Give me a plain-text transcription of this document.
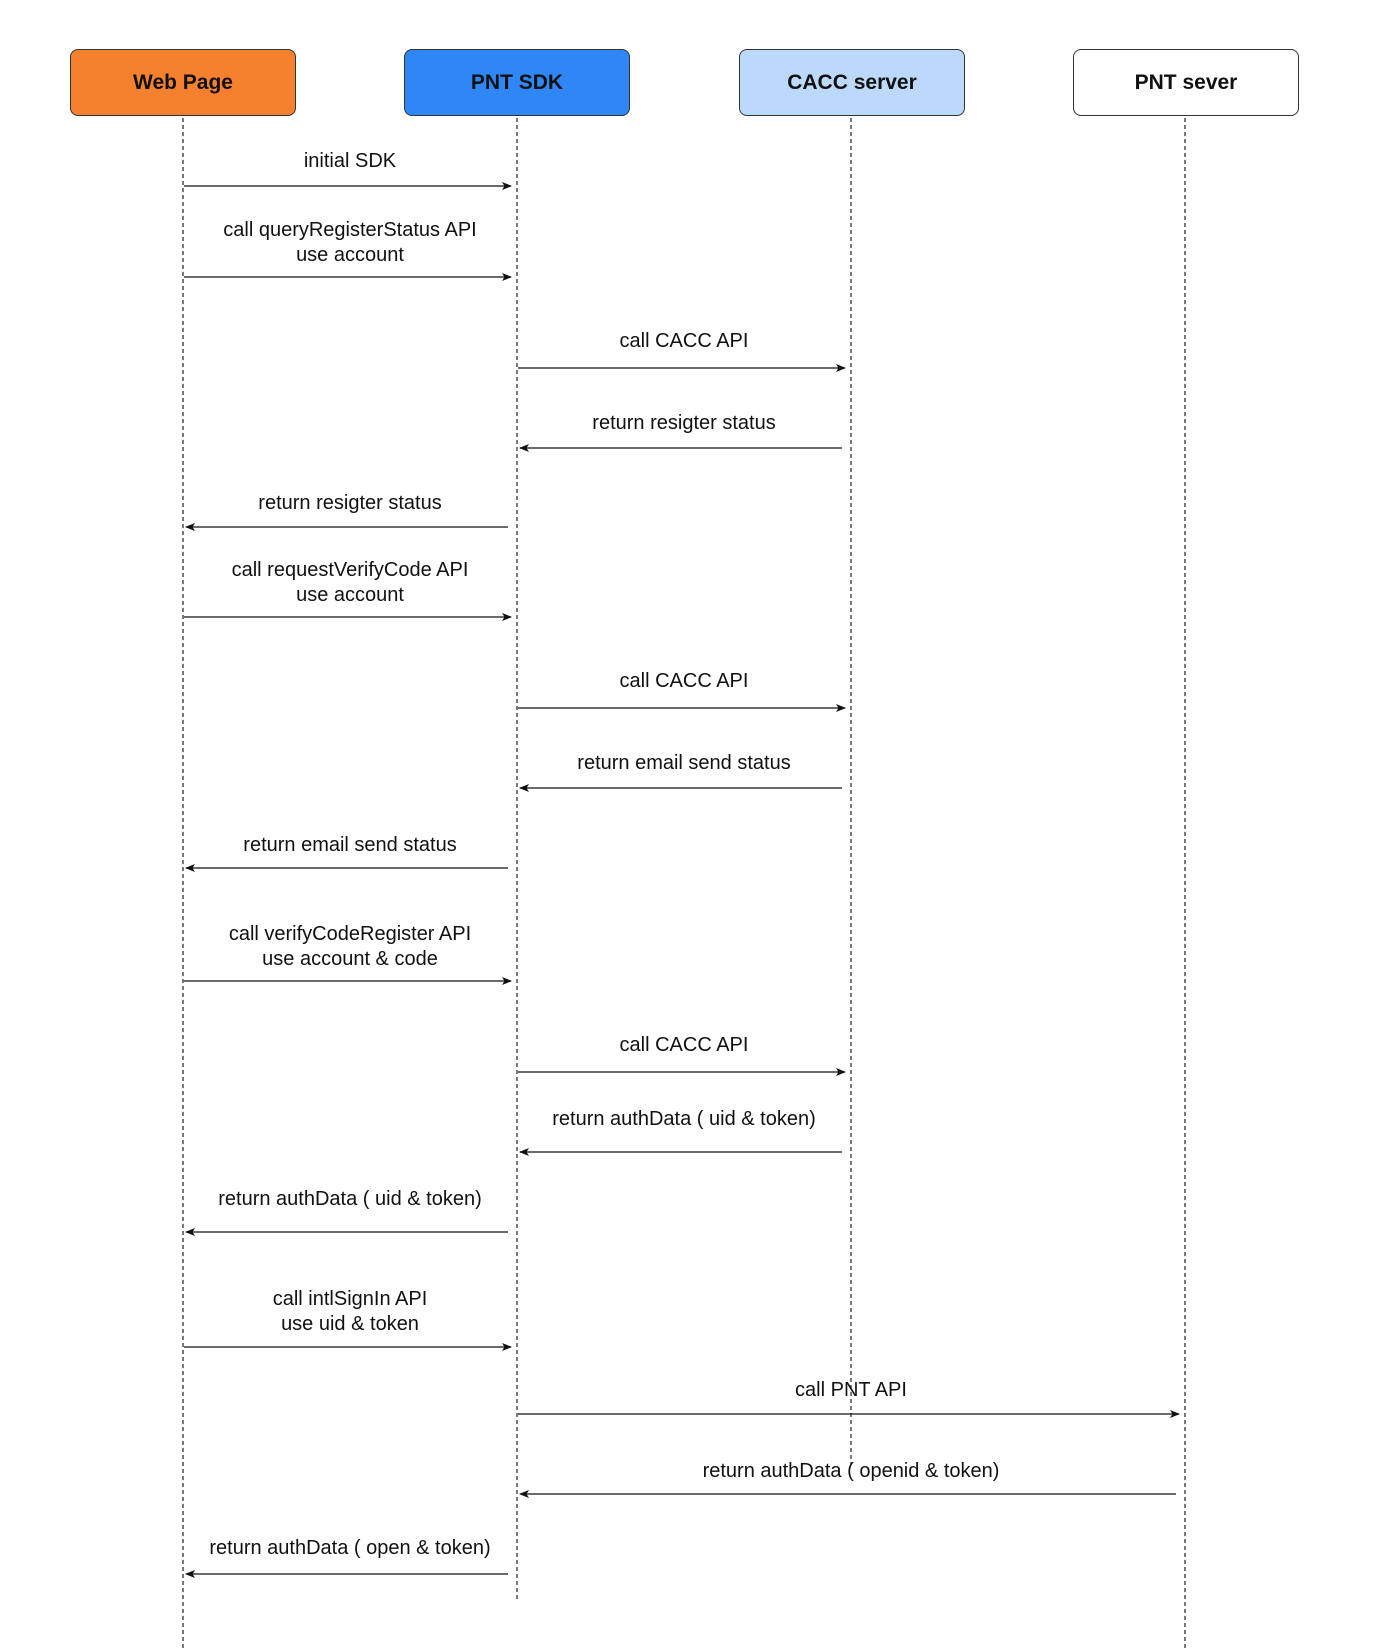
Web Page	PNT SDK	CACC server	PNT sever
initial SDK
call queryRegisterStatus API
use account
call CACC API
return resigter status
return resigter status
call requestVerifyCode API
use account
call CACC API
return email send status
return email send status
call verifyCodeRegister API
use account & code
call CACC API
return authData ( uid & token)
return authData ( uid & token)
call intlSignIn API
use uid & token
call PNT API
return authData ( openid & token)
return authData ( open & token)
